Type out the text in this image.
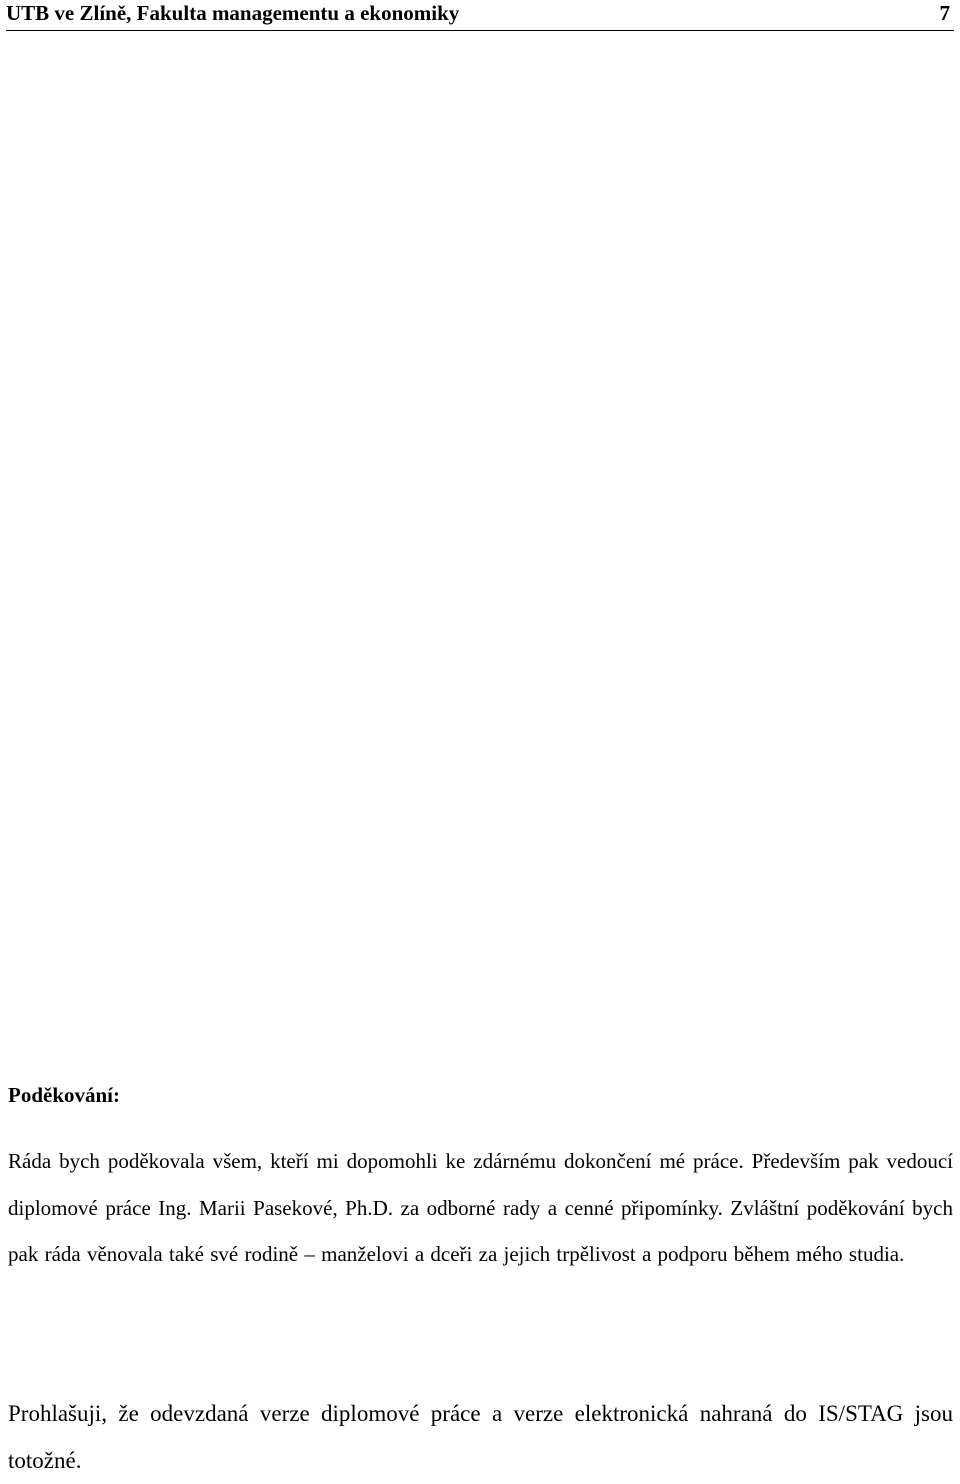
UTB ve Zlíně, Fakulta managementu a ekonomiky	7
Poděkování:

Ráda bych poděkovala všem, kteří mi dopomohli ke zdárnému dokončení mé práce. Především pak vedoucí diplomové práce Ing. Marii Pasekové, Ph.D. za odborné rady a cenné připomínky. Zvláštní poděkování bych pak ráda věnovala také své rodině – manželovi a dceři za jejich trpělivost a podporu během mého studia.

Prohlašuji, že odevzdaná verze diplomové práce a verze elektronická nahraná do IS/STAG jsou totožné.
